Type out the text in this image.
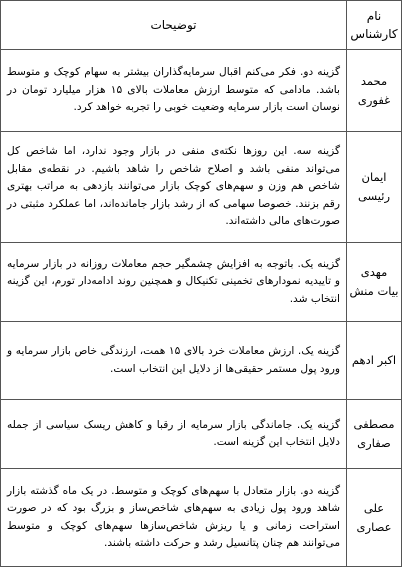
نام کارشناس	توضیحات
محمد غفوری	گزینه دو. فکر می‌کنم اقبال سرمایه‌گذاران بیشتر به سهام کوچک و متوسط باشد. مادامی که متوسط ارزش معاملات بالای ۱۵ هزار میلیارد تومان در نوسان است بازار سرمایه وضعیت خوبی را تجربه خواهد کرد.
ایمان رئیسی	گزینه سه. این روزها نکته‌ی منفی در بازار وجود ندارد، اما شاخص کل می‌تواند منفی باشد و اصلاح شاخص را شاهد باشیم. در نقطه‌ی مقابل شاخص هم وزن و سهم‌های کوچک بازار می‌توانند بازدهی به مراتب بهتری رقم بزنند. خصوصا سهامی که از رشد بازار جامانده‌اند، اما عملکرد مثبتی در صورت‌های مالی داشته‌اند.
مهدی بیات منش	گزینه یک. باتوجه به افزایش چشمگیر حجم معاملات روزانه در بازار سرمایه و تاییدیه نمودارهای تخمینی تکنیکال و همچنین روند ادامه‌دار تورم، این گزینه انتخاب شد.
اکبر ادهم	گزینه یک. ارزش معاملات خرد بالای ۱۵ همت، ارزندگی خاص بازار سرمایه و ورود پول مستمر حقیقی‌ها از دلایل این انتخاب است.
مصطفی صفاری	گزینه یک. جاماندگی بازار سرمایه از رقبا و کاهش ریسک سیاسی از جمله دلایل انتخاب این گزینه است.
علی عصاری	گزینه دو. بازار متعادل با سهم‌های کوچک و متوسط. در یک ماه گذشته بازار شاهد ورود پول زیادی به سهم‌های شاخص‌ساز و بزرگ بود که در صورت استراحت زمانی و یا ریزش شاخص‌سازها سهم‌های کوچک و متوسط می‌توانند هم چنان پتانسیل رشد و حرکت داشته باشند.
